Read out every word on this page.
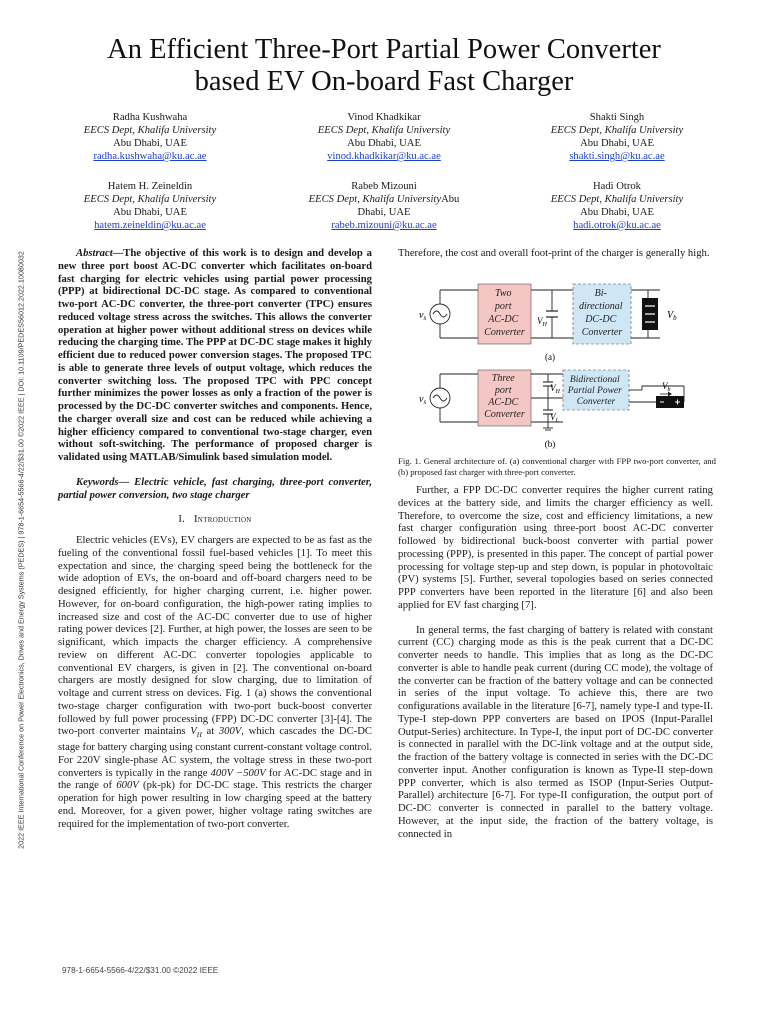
An Efficient Three-Port Partial Power Converter
based EV On-board Fast Charger
Radha Kushwaha
EECS Dept, Khalifa University
Abu Dhabi, UAE
radha.kushwaha@ku.ac.ae
Vinod Khadkikar
EECS Dept, Khalifa University
Abu Dhabi, UAE
vinod.khadkikar@ku.ac.ae
Shakti Singh
EECS Dept, Khalifa University
Abu Dhabi, UAE
shakti.singh@ku.ac.ae
Hatem H. Zeineldin
EECS Dept, Khalifa University
Abu Dhabi, UAE
hatem.zeineldin@ku.ac.ae
Rabeb Mizouni
EECS Dept, Khalifa UniversityAbu
Dhabi, UAE
rabeb.mizouni@ku.ac.ae
Hadi Otrok
EECS Dept, Khalifa University
Abu Dhabi, UAE
hadi.otrok@ku.ac.ae
2022 IEEE International Conference on Power Electronics, Drives and Energy Systems (PEDES) | 978-1-6654-5566-4/22/$31.00 ©2022 IEEE | DOI: 10.1109/PEDES56012.2022.10080032	Abstract—The objective of this work is to design and develop a new three port boost AC-DC converter which facilitates on-board fast charging for electric vehicles using partial power processing (PPP) at bidirectional DC-DC stage. As compared to conventional two-port AC-DC converter, the three-port converter (TPC) ensures reduced voltage stress across the switches. This allows the converter operation at higher power without additional stress on devices while reducing the charging time. The PPP at DC-DC stage makes it highly efficient due to reduced power conversion stages. The proposed TPC is able to generate three levels of output voltage, which reduces the converter switching loss. The proposed TPC with PPC concept further minimizes the power losses as only a fraction of the power is processed by the DC-DC converter switches and components. Hence, the charger overall size and cost can be reduced while achieving a higher efficiency compared to conventional two-stage charger, even without soft-switching. The performance of proposed charger is validated using MATLAB/Simulink based simulation model.

Keywords— Electric vehicle, fast charging, three-port converter, partial power conversion, two stage charger

I. Introduction

Electric vehicles (EVs), EV chargers are expected to be as fast as the fueling of the conventional fossil fuel-based vehicles [1]. To meet this expectation and since, the charging speed being the bottleneck for the wide adoption of EVs, the on-board and off-board chargers need to be designed efficiently, for higher charging current, i.e. higher power. However, for on-board configuration, the high-power rating implies to increased size and cost of the AC-DC converter due to use of higher rating power devices [2]. Further, at high power, the losses are seen to be significant, which impacts the charger efficiency. A comprehensive review on different AC-DC converter topologies applicable to conventional EV chargers, is given in [2]. The conventional on-board chargers are mostly designed for slow charging, due to limitation of voltage and current stress on devices. Fig. 1 (a) shows the conventional two-stage charger configuration with two-port buck-boost converter followed by full power processing (FPP) DC-DC converter [3]-[4]. The two-port converter maintains $V_H$ at 300V, which cascades the DC-DC stage for battery charging using constant current-constant voltage control. For 220V single-phase AC system, the voltage stress in these two-port converters is typically in the range 400V −500V for AC-DC stage and in the range of 600V (pk-pk) for DC-DC stage. This restricts the charger operation for high power resulting in low charging speed at the battery end. Moreover, for a given power, higher voltage rating switches are required for the implementation of two-port converter.

Therefore, the cost and overall foot-print of the charger is generally high.

$v_s$
Two port AC-DC Converter
$V_H$
Bi- directional DC-DC Converter
$V_b$
(a)
$v_s$
Three port AC-DC Converter
$V_H$
$V_L$
Bidirectional Partial Power Converter
$V_b$
(b)

Fig. 1. General architecture of. (a) conventional charger with FPP two-port converter, and (b) proposed fast charger with three-port converter.

Further, a FPP DC-DC converter requires the higher current rating devices at the battery side, and limits the charger efficiency as well. Therefore, to overcome the size, cost and efficiency limitations, a new fast charger configuration using three-port boost AC-DC converter followed by bidirectional buck-boost converter with partial power processing (PPP), is presented in this paper. The concept of partial power processing for voltage step-up and step down, is popular in photovoltaic (PV) systems [5]. Further, several topologies based on series connected PPP converters have been reported in the literature [6] and also been applied for EV fast charging [7].

In general terms, the fast charging of battery is related with constant current (CC) charging mode as this is the peak current that a DC-DC converter needs to handle. This implies that as long as the DC-DC converter is able to handle peak current (during CC mode), the voltage of the converter can be fraction of the battery voltage and can be connected in series of the input voltage. To achieve this, there are two configurations available in the literature [6-7], namely type-I and type-II. Type-I step-down PPP converters are based on IPOS (Input-Parallel Output-Series) architecture. In Type-I, the input port of DC-DC converter is connected in parallel with the DC-link voltage and at the output side, the fraction of the battery voltage is connected in series with the DC-DC converter input. Another configuration is known as Type-II step-down PPP converter, which is also termed as ISOP (Input-Series Output-Parallel) architecture [6-7]. For type-II configuration, the output port of DC-DC converter is connected in parallel to the battery voltage. However, at the input side, the fraction of the battery voltage, is connected in

978-1-6654-5566-4/22/$31.00 ©2022 IEEE
